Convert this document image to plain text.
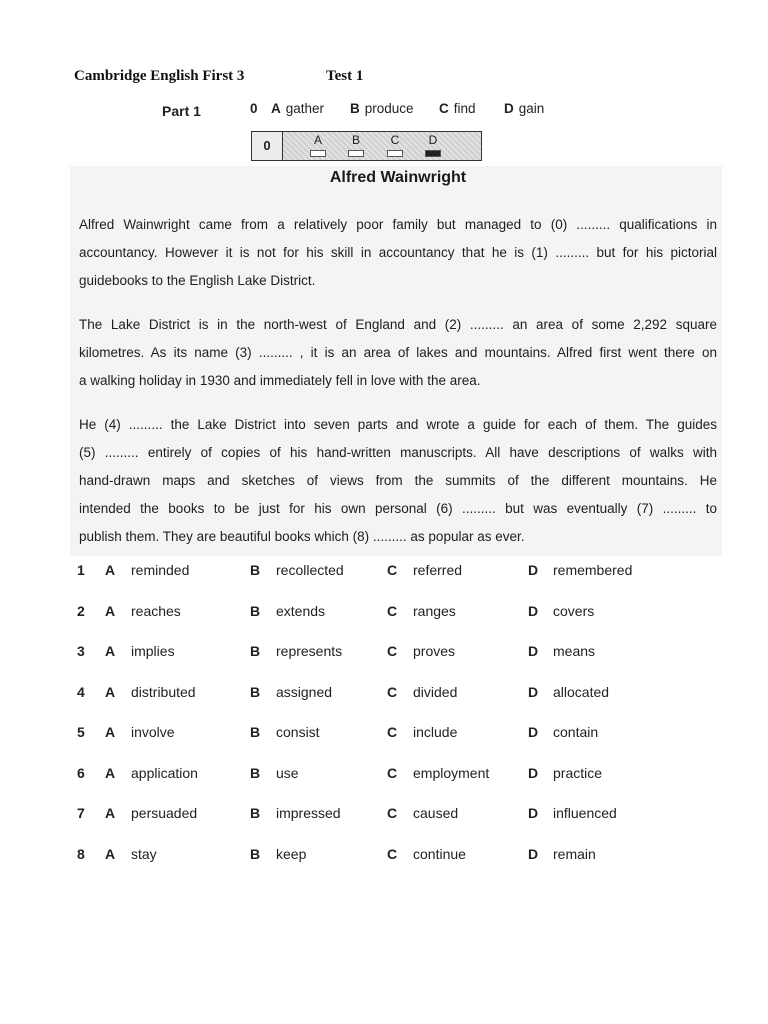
Cambridge English First 3	Test 1
Part 1	0 A gather B produce C find D gain
0	A	B	C	D
Alfred Wainwright
Alfred Wainwright came from a relatively poor family but managed to (0) ......... qualifications in
accountancy. However it is not for his skill in accountancy that he is (1) ......... but for his pictorial
guidebooks to the English Lake District.
The Lake District is in the north-west of England and (2) ......... an area of some 2,292 square
kilometres. As its name (3) ......... , it is an area of lakes and mountains. Alfred first went there on
a walking holiday in 1930 and immediately fell in love with the area.
He (4) ......... the Lake District into seven parts and wrote a guide for each of them. The guides
(5) ......... entirely of copies of his hand-written manuscripts. All have descriptions of walks with
hand-drawn maps and sketches of views from the summits of the different mountains. He
intended the books to be just for his own personal (6) ......... but was eventually (7) ......... to
publish them. They are beautiful books which (8) ......... as popular as ever.
1 A reminded	B recollected	C referred	D remembered
2 A reaches	B extends	C ranges	D covers
3 A implies	B represents	C proves	D means
4 A distributed	B assigned	C divided	D allocated
5 A involve	B consist	C include	D contain
6 A application	B use	C employment	D practice
7 A persuaded	B impressed	C caused	D influenced
8 A stay	B keep	C continue	D remain
